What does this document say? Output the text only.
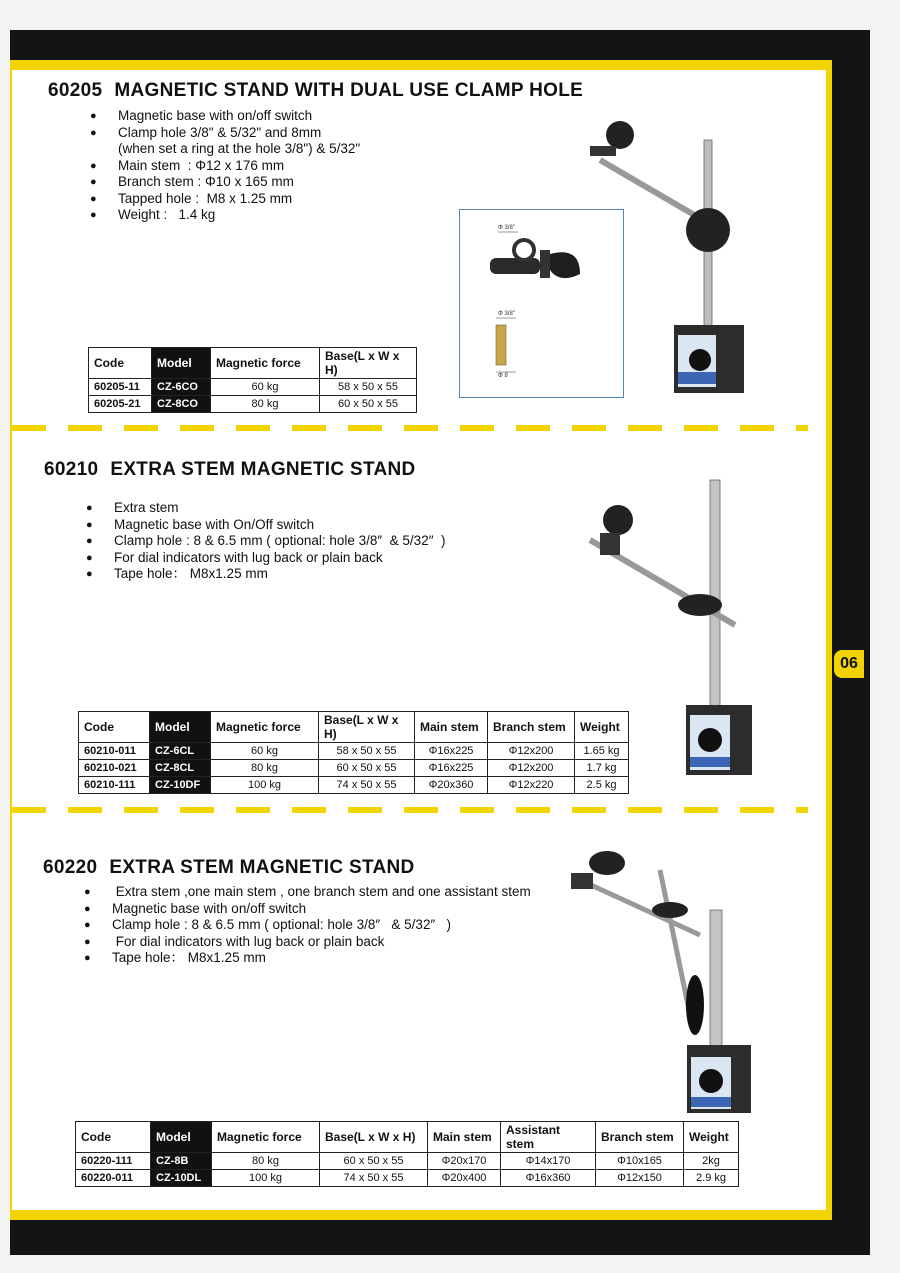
06
60205 MAGNETIC STAND WITH DUAL USE CLAMP HOLE
● Magnetic base with on/off switch
● Clamp hole 3/8" & 5/32" and 8mm
(when set a ring at the hole 3/8") & 5/32"
● Main stem  : Φ12 x 176 mm
● Branch stem : Φ10 x 165 mm
● Tapped hole :  M8 x 1.25 mm
● Weight :   1.4 kg
Φ 3/8"
Φ 3/8"
Φ 8
Code	Model	Magnetic force	Base(L x W x H)
60205-11	CZ-6CO	60 kg	58 x 50 x 55
60205-21	CZ-8CO	80 kg	60 x 50 x 55
60210 EXTRA STEM MAGNETIC STAND
● Extra stem
● Magnetic base with On/Off switch
● Clamp hole : 8 & 6.5 mm ( optional: hole 3/8″  & 5/32″  )
● For dial indicators with lug back or plain back
● Tape hole： M8x1.25 mm
Code	Model	Magnetic force	Base(L x W x H)	Main stem	Branch stem	Weight
60210-011	CZ-6CL	60 kg	58 x 50 x 55	Φ16x225	Φ12x200	1.65 kg
60210-021	CZ-8CL	80 kg	60 x 50 x 55	Φ16x225	Φ12x200	1.7 kg
60210-111	CZ-10DF	100 kg	74 x 50 x 55	Φ20x360	Φ12x220	2.5 kg
60220 EXTRA STEM MAGNETIC STAND
●  Extra stem ,one main stem , one branch stem and one assistant stem
● Magnetic base with on/off switch
● Clamp hole : 8 & 6.5 mm ( optional: hole 3/8″   & 5/32″   )
●  For dial indicators with lug back or plain back
● Tape hole： M8x1.25 mm
Code	Model	Magnetic force	Base(L x W x H)	Main stem	Assistant stem	Branch stem	Weight
60220-111	CZ-8B	80 kg	60 x 50 x 55	Φ20x170	Φ14x170	Φ10x165	2kg
60220-011	CZ-10DL	100 kg	74 x 50 x 55	Φ20x400	Φ16x360	Φ12x150	2.9 kg
